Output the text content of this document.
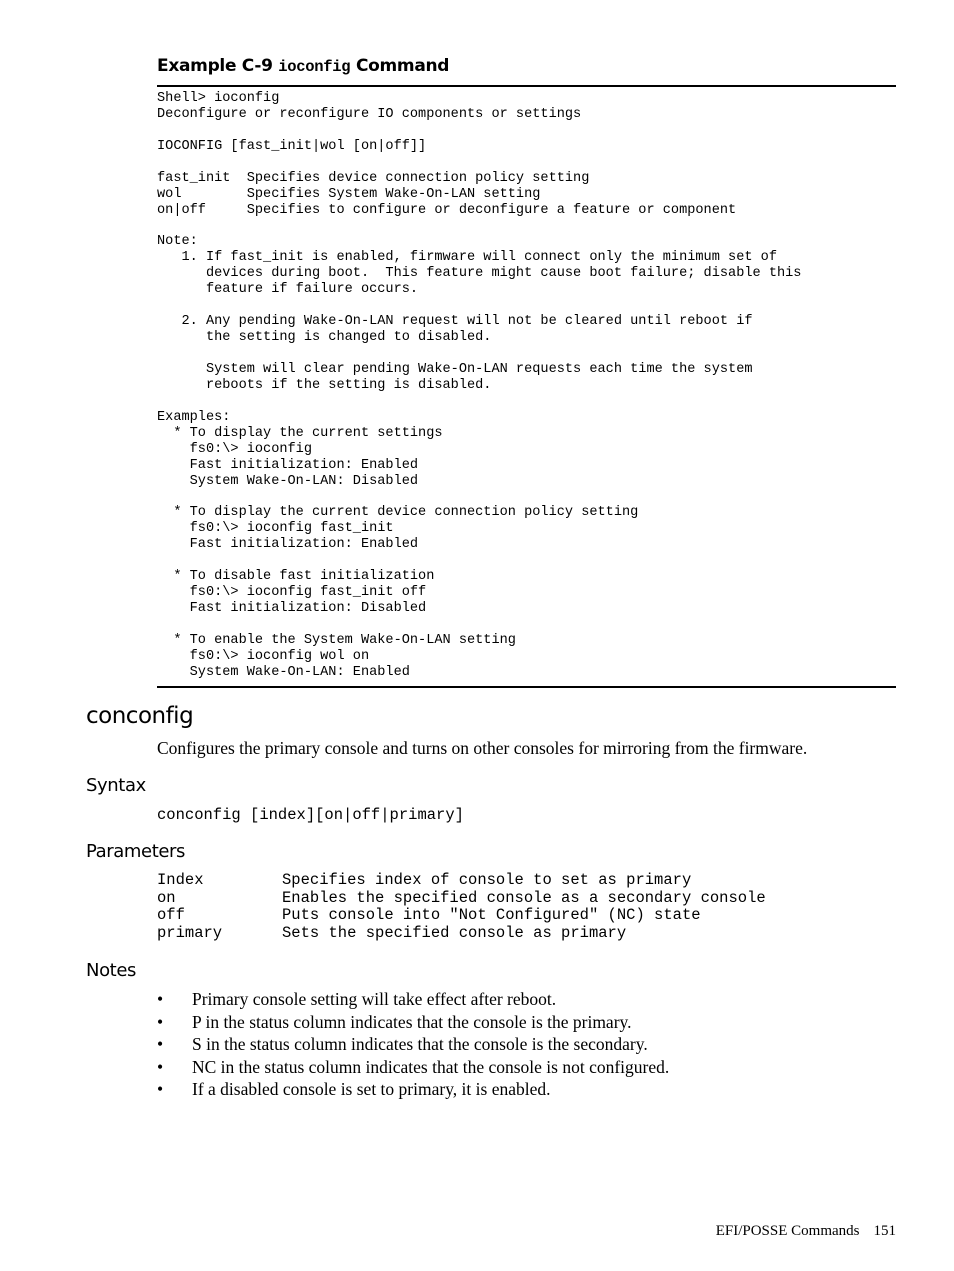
Example C-9 ioconfig Command
Shell> ioconfig
Deconfigure or reconfigure IO components or settings

IOCONFIG [fast_init|wol [on|off]]

fast_init  Specifies device connection policy setting
wol        Specifies System Wake-On-LAN setting
on|off     Specifies to configure or deconfigure a feature or component

Note:
1. If fast_init is enabled, firmware will connect only the minimum set of
devices during boot.  This feature might cause boot failure; disable this
feature if failure occurs.

2. Any pending Wake-On-LAN request will not be cleared until reboot if
the setting is changed to disabled.

System will clear pending Wake-On-LAN requests each time the system
reboots if the setting is disabled.

Examples:
* To display the current settings
fs0:\> ioconfig
Fast initialization: Enabled
System Wake-On-LAN: Disabled

* To display the current device connection policy setting
fs0:\> ioconfig fast_init
Fast initialization: Enabled

* To disable fast initialization
fs0:\> ioconfig fast_init off
Fast initialization: Disabled

* To enable the System Wake-On-LAN setting
fs0:\> ioconfig wol on
System Wake-On-LAN: Enabled
conconfig
Configures the primary console and turns on other consoles for mirroring from the firmware.
Syntax
conconfig [index][on|off|primary]
Parameters
Index	Specifies index of console to set as primary
on	Enables the specified console as a secondary console
off	Puts console into "Not Configured" (NC) state
primary	Sets the specified console as primary
Notes
• Primary console setting will take effect after reboot.
• P in the status column indicates that the console is the primary.
• S in the status column indicates that the console is the secondary.
• NC in the status column indicates that the console is not configured.
• If a disabled console is set to primary, it is enabled.
EFI/POSSE Commands 151
